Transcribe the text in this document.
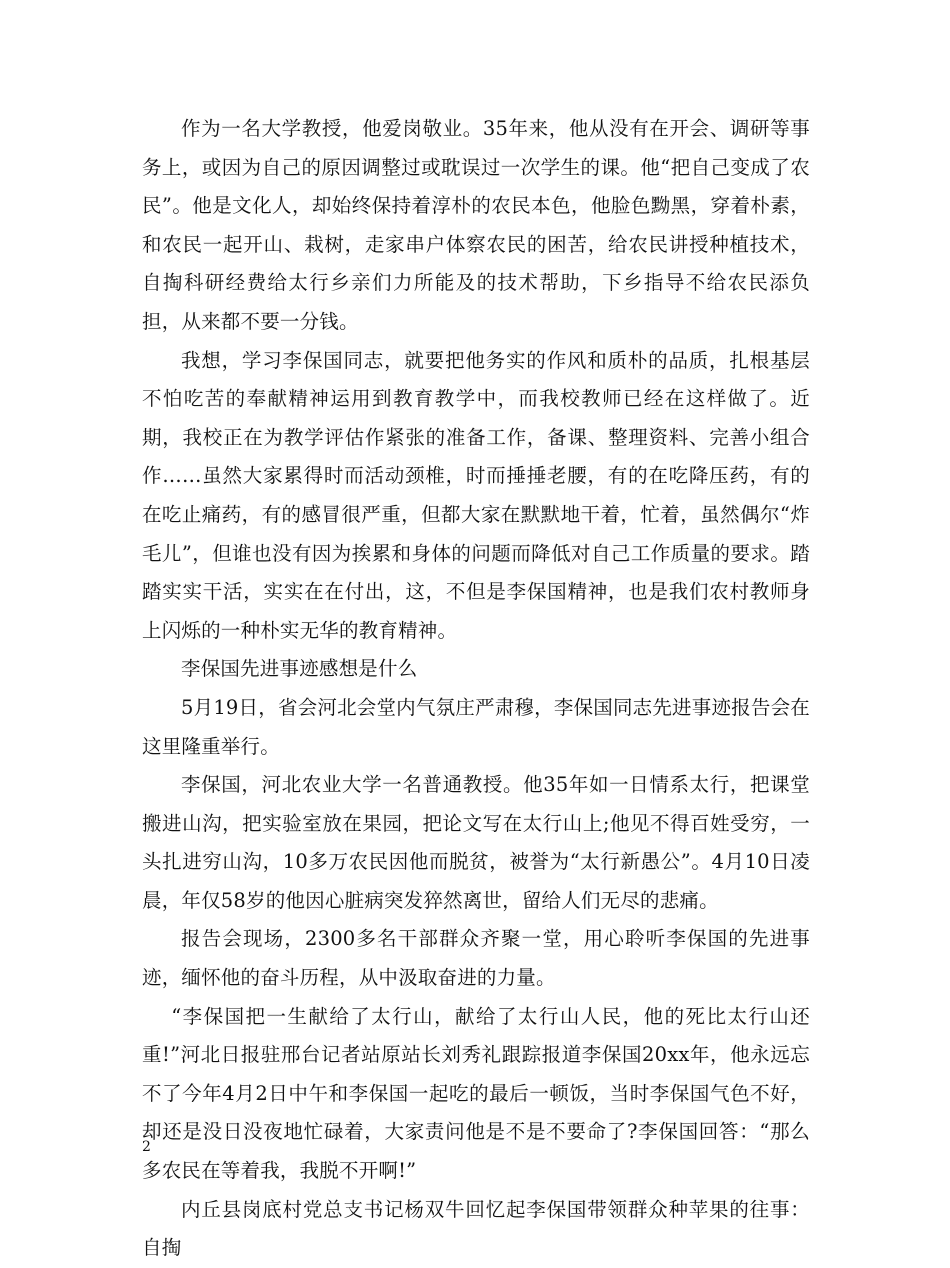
作为一名大学教授，他爱岗敬业。35年来，他从没有在开会、调研等事务上，或因为自己的原因调整过或耽误过一次学生的课。他“把自己变成了农民”。他是文化人，却始终保持着淳朴的农民本色，他脸色黝黑，穿着朴素，和农民一起开山、栽树，走家串户体察农民的困苦，给农民讲授种植技术，自掏科研经费给太行乡亲们力所能及的技术帮助，下乡指导不给农民添负担，从来都不要一分钱。

我想，学习李保国同志，就要把他务实的作风和质朴的品质，扎根基层不怕吃苦的奉献精神运用到教育教学中，而我校教师已经在这样做了。近期，我校正在为教学评估作紧张的准备工作，备课、整理资料、完善小组合作……虽然大家累得时而活动颈椎，时而捶捶老腰，有的在吃降压药，有的在吃止痛药，有的感冒很严重，但都大家在默默地干着，忙着，虽然偶尔“炸毛儿”，但谁也没有因为挨累和身体的问题而降低对自己工作质量的要求。踏踏实实干活，实实在在付出，这，不但是李保国精神，也是我们农村教师身上闪烁的一种朴实无华的教育精神。

李保国先进事迹感想是什么

5月19日，省会河北会堂内气氛庄严肃穆，李保国同志先进事迹报告会在这里隆重举行。

李保国，河北农业大学一名普通教授。他35年如一日情系太行，把课堂搬进山沟，把实验室放在果园，把论文写在太行山上;他见不得百姓受穷，一头扎进穷山沟，10多万农民因他而脱贫，被誉为“太行新愚公”。4月10日凌晨，年仅58岁的他因心脏病突发猝然离世，留给人们无尽的悲痛。

报告会现场，2300多名干部群众齐聚一堂，用心聆听李保国的先进事迹，缅怀他的奋斗历程，从中汲取奋进的力量。

“李保国把一生献给了太行山，献给了太行山人民，他的死比太行山还重!”河北日报驻邢台记者站原站长刘秀礼跟踪报道李保国20xx年，他永远忘不了今年4月2日中午和李保国一起吃的最后一顿饭，当时李保国气色不好，却还是没日没夜地忙碌着，大家责问他是不是不要命了?李保国回答：“那么多农民在等着我，我脱不开啊!”

内丘县岗底村党总支书记杨双牛回忆起李保国带领群众种苹果的往事：自掏

2
